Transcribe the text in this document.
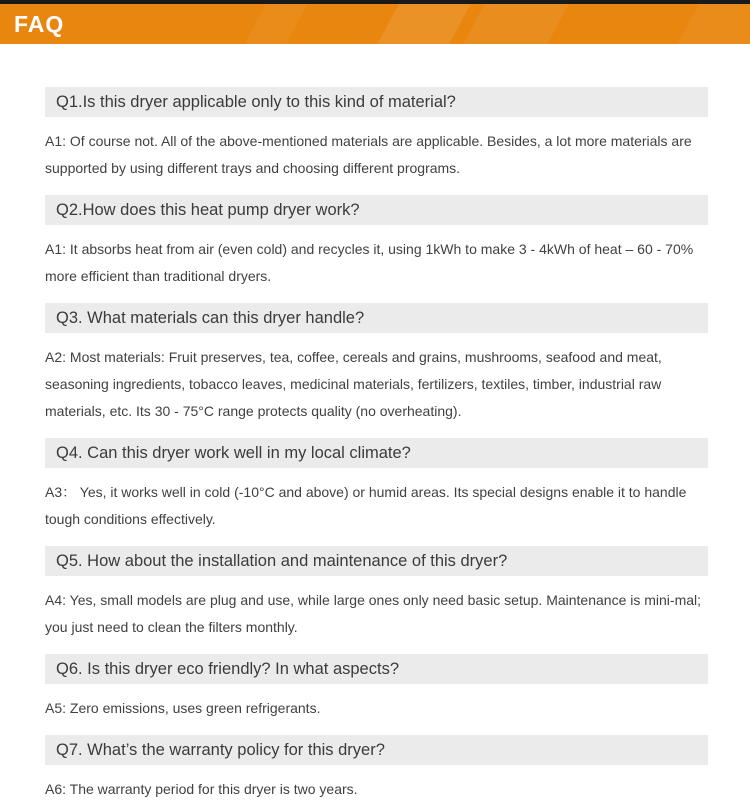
FAQ
Q1.Is this dryer applicable only to this kind of material?

A1: Of course not. All of the above-mentioned materials are applicable. Besides, a lot more materials are supported by using different trays and choosing different programs.

Q2.How does this heat pump dryer work?

A1: It absorbs heat from air (even cold) and recycles it, using 1kWh to make 3 - 4kWh of heat – 60 - 70% more efficient than traditional dryers.

Q3. What materials can this dryer handle?

A2: Most materials: Fruit preserves, tea, coffee, cereals and grains, mushrooms, seafood and meat, seasoning ingredients, tobacco leaves, medicinal materials, fertilizers, textiles, timber, industrial raw materials, etc. Its 30 - 75°C range protects quality (no overheating).

Q4. Can this dryer work well in my local climate?

A3： Yes, it works well in cold (-10°C and above) or humid areas. Its special designs enable it to handle tough conditions effectively.

Q5. How about the installation and maintenance of this dryer?

A4: Yes, small models are plug and use, while large ones only need basic setup. Maintenance is mini-mal; you just need to clean the filters monthly.

Q6. Is this dryer eco friendly? In what aspects?

A5: Zero emissions, uses green refrigerants.

Q7. What’s the warranty policy for this dryer?

A6: The warranty period for this dryer is two years.
